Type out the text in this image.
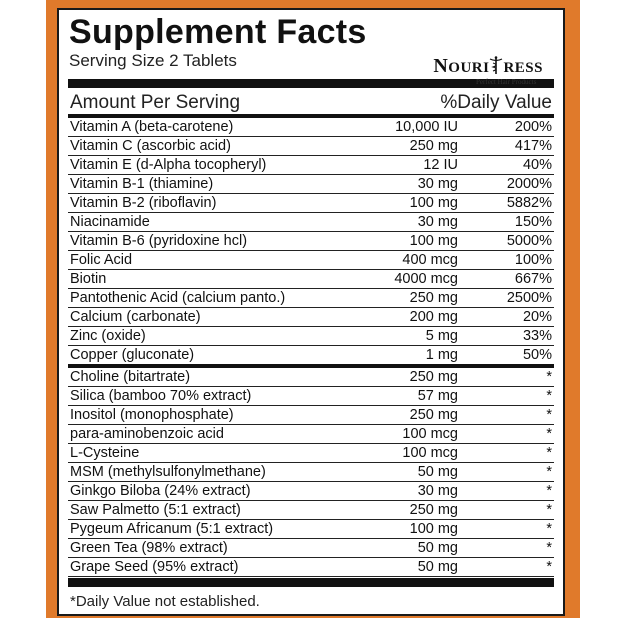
Supplement Facts
Serving Size 2 Tablets	NOURI RESS
Perfect Hair Products
Amount Per Serving	%Daily Value
Vitamin A (beta-carotene)	10,000 IU	200%
Vitamin C (ascorbic acid)	250 mg	417%
Vitamin E (d-Alpha tocopheryl)	12 IU	40%
Vitamin B-1 (thiamine)	30 mg	2000%
Vitamin B-2 (riboflavin)	100 mg	5882%
Niacinamide	30 mg	150%
Vitamin B-6 (pyridoxine hcl)	100 mg	5000%
Folic Acid	400 mcg	100%
Biotin	4000 mcg	667%
Pantothenic Acid (calcium panto.)	250 mg	2500%
Calcium (carbonate)	200 mg	20%
Zinc (oxide)	5 mg	33%
Copper (gluconate)	1 mg	50%
Choline (bitartrate)	250 mg	*
Silica (bamboo 70% extract)	57 mg	*
Inositol (monophosphate)	250 mg	*
para-aminobenzoic acid	100 mcg	*
L-Cysteine	100 mcg	*
MSM (methylsulfonylmethane)	50 mg	*
Ginkgo Biloba (24% extract)	30 mg	*
Saw Palmetto (5:1 extract)	250 mg	*
Pygeum Africanum (5:1 extract)	100 mg	*
Green Tea (98% extract)	50 mg	*
Grape Seed (95% extract)	50 mg	*
*Daily Value not established.
